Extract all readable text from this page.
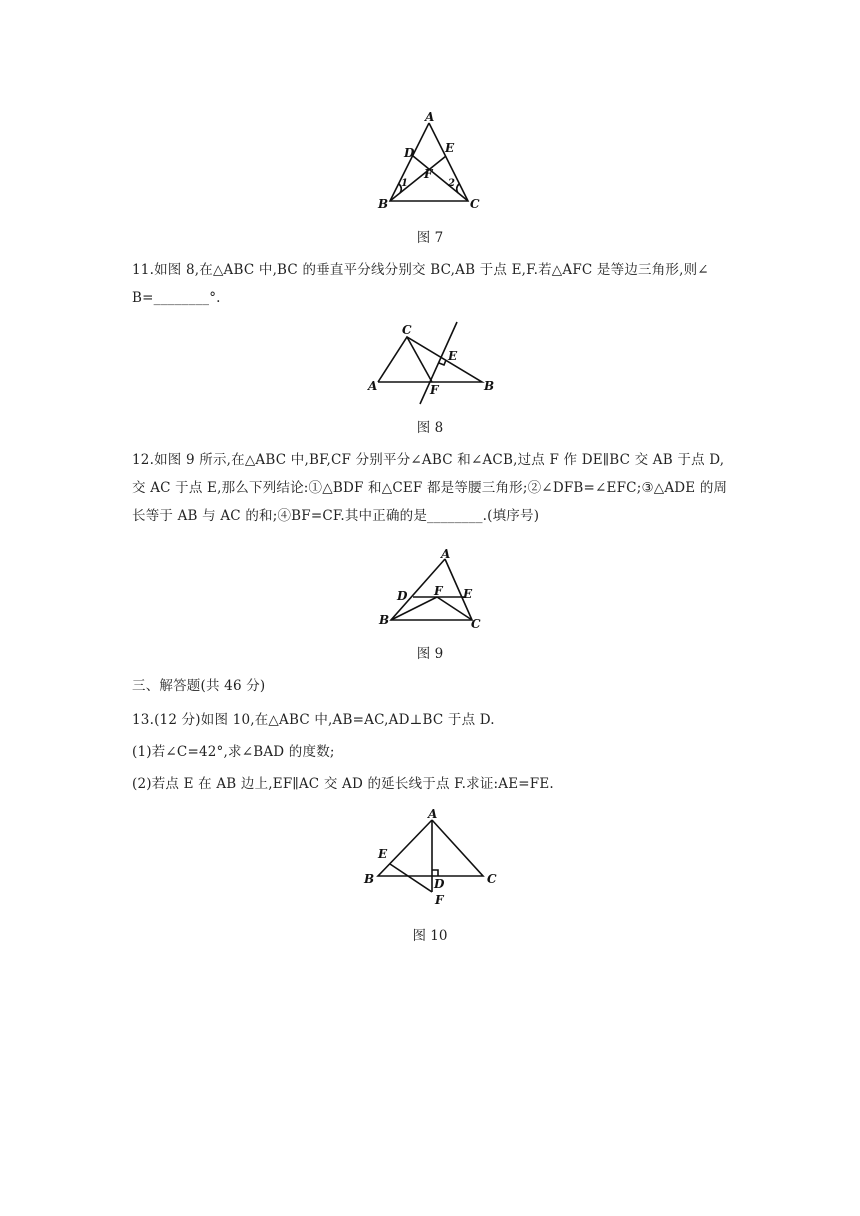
A
B	C
D	E
F
1	2
图 7
11.如图 8,在△ABC 中,BC 的垂直平分线分别交 BC,AB 于点 E,F.若△AFC 是等边三角形,则∠
B=________°.
C
A	B
E
F
图 8
12.如图 9 所示,在△ABC 中,BF,CF 分别平分∠ABC 和∠ACB,过点 F 作 DE∥BC 交 AB 于点 D,
交 AC 于点 E,那么下列结论:①△BDF 和△CEF 都是等腰三角形;②∠DFB=∠EFC;③△ADE 的周
长等于 AB 与 AC 的和;④BF=CF.其中正确的是________.(填序号)
A
B	C
D	E
F
图 9
三、解答题(共 46 分)
13.(12 分)如图 10,在△ABC 中,AB=AC,AD⊥BC 于点 D.
(1)若∠C=42°,求∠BAD 的度数;
(2)若点 E 在 AB 边上,EF∥AC 交 AD 的延长线于点 F.求证:AE=FE.
A
B	C
D
E
F
图 10
